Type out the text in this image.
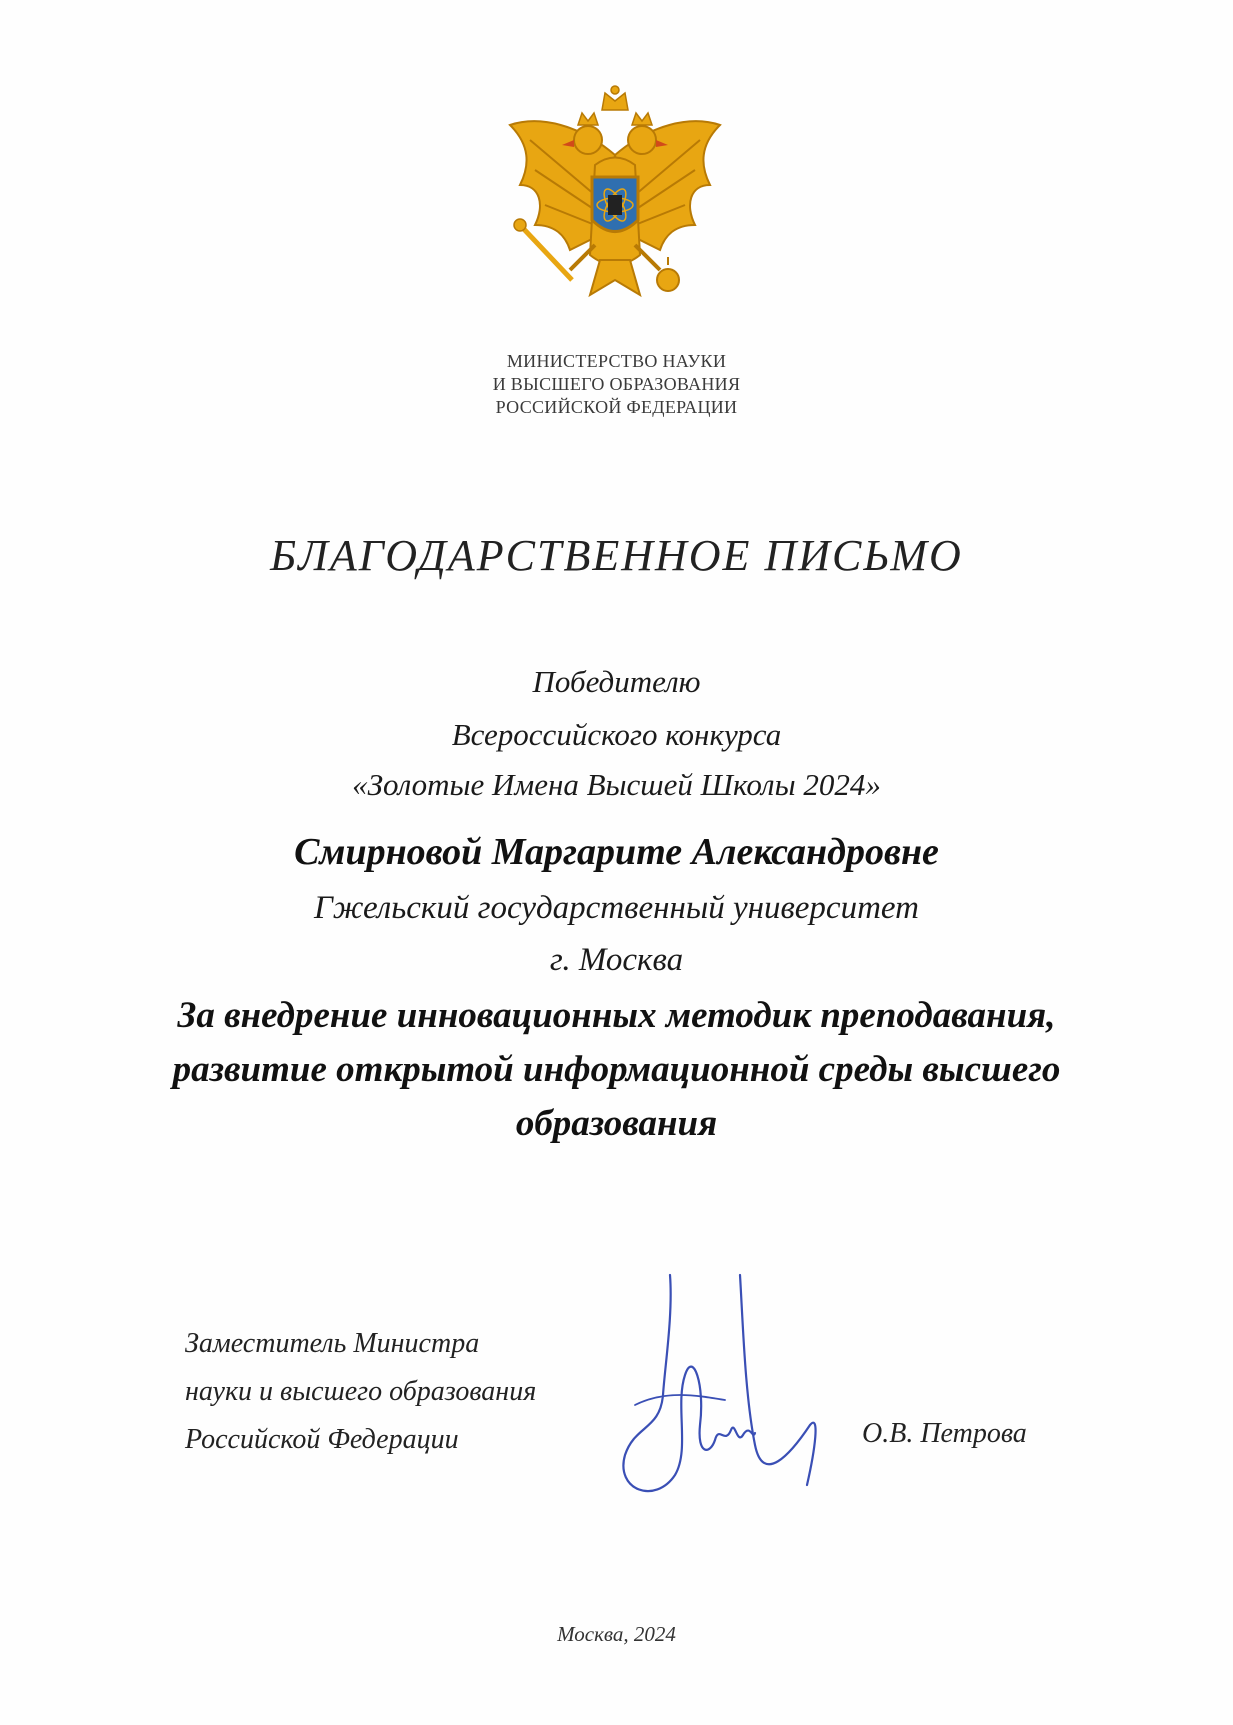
МИНИСТЕРСТВО НАУКИ
И ВЫСШЕГО ОБРАЗОВАНИЯ
РОССИЙСКОЙ ФЕДЕРАЦИИ
БЛАГОДАРСТВЕННОЕ ПИСЬМО
Победителю
Всероссийского конкурса
«Золотые Имена Высшей Школы 2024»
Смирновой Маргарите Александровне
Гжельский государственный университет
г. Москва
За внедрение инновационных методик преподавания,
развитие открытой информационной среды высшего
образования
Заместитель Министра
науки и высшего образования
Российской Федерации	О.В. Петрова
Москва, 2024
